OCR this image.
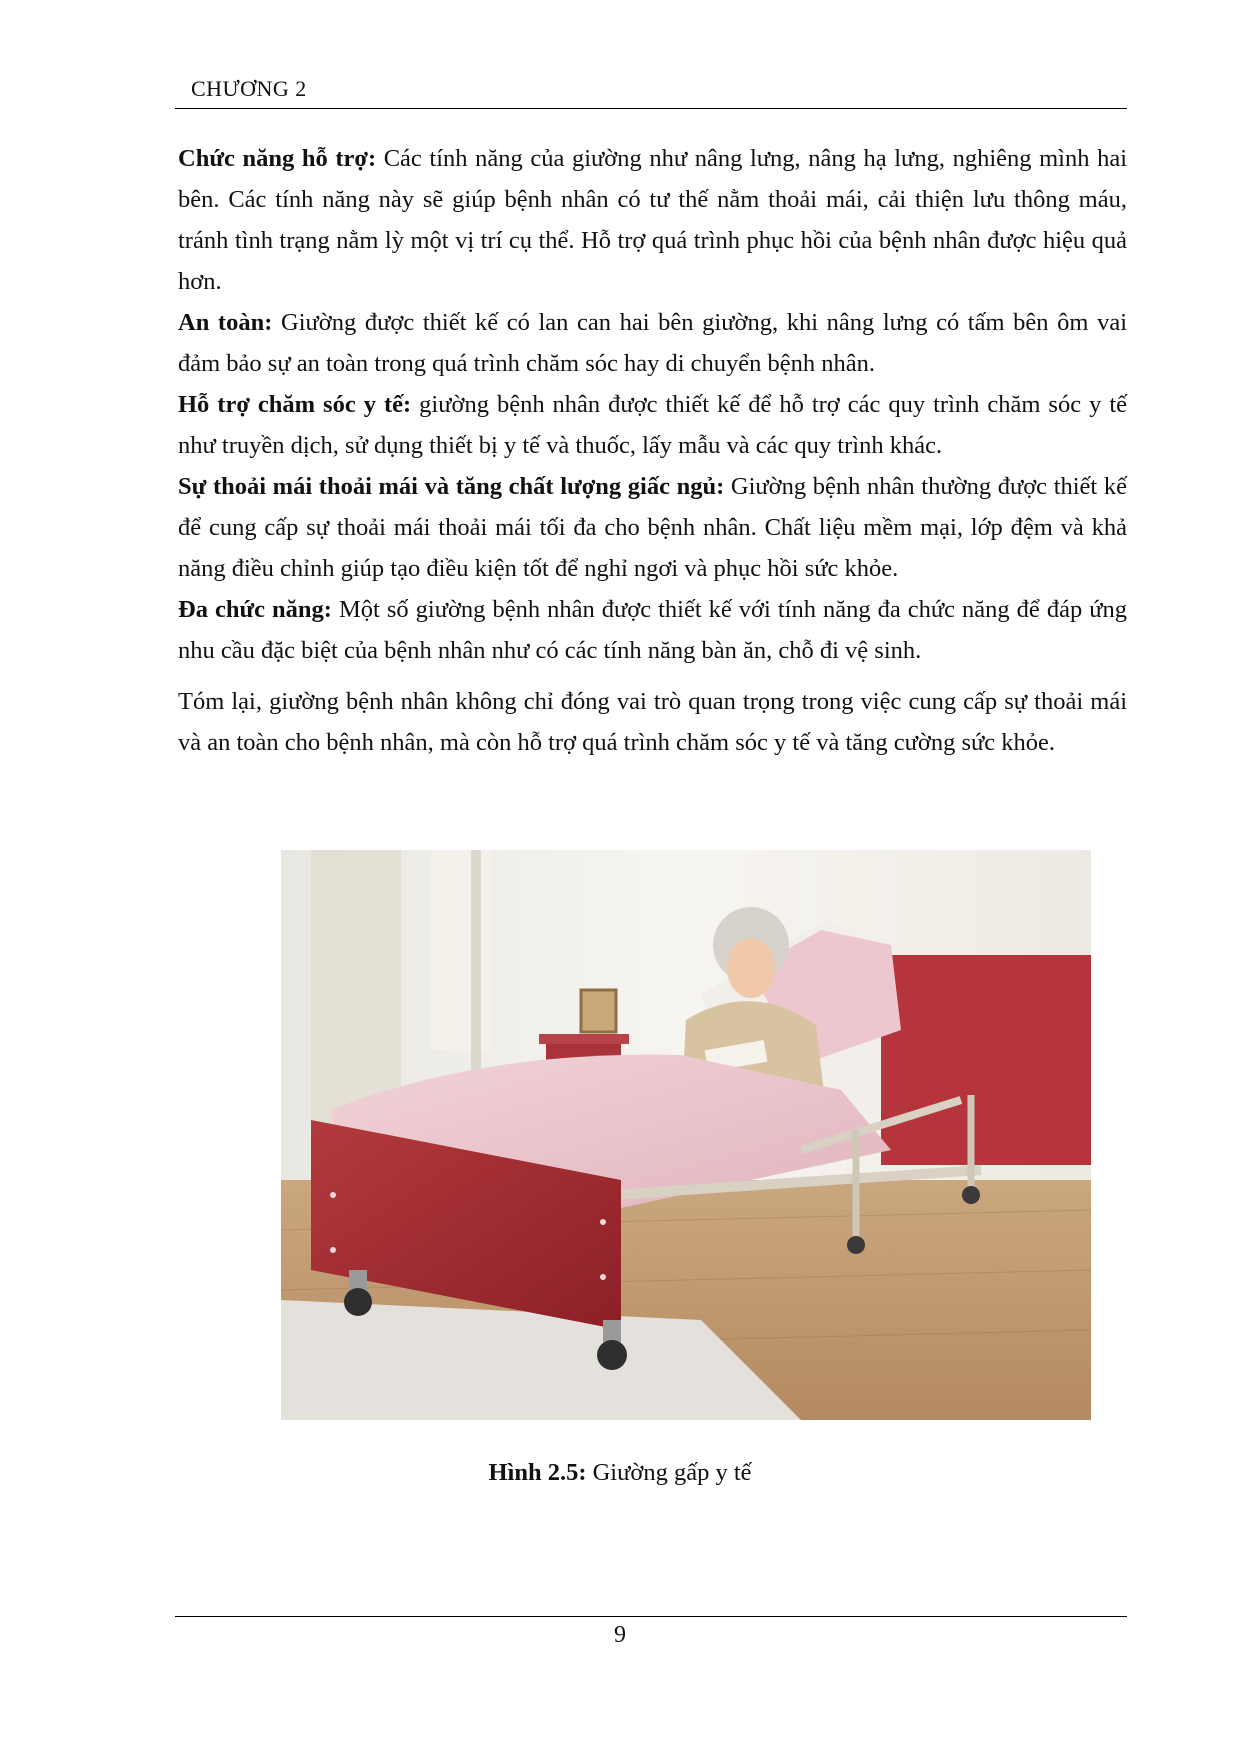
CHƯƠNG 2

Chức năng hỗ trợ: Các tính năng của giường như nâng lưng, nâng hạ lưng, nghiêng mình hai bên. Các tính năng này sẽ giúp bệnh nhân có tư thế nằm thoải mái, cải thiện lưu thông máu, tránh tình trạng nằm lỳ một vị trí cụ thể. Hỗ trợ quá trình phục hồi của bệnh nhân được hiệu quả hơn.

An toàn: Giường được thiết kế có lan can hai bên giường, khi nâng lưng có tấm bên ôm vai đảm bảo sự an toàn trong quá trình chăm sóc hay di chuyển bệnh nhân.

Hỗ trợ chăm sóc y tế: giường bệnh nhân được thiết kế để hỗ trợ các quy trình chăm sóc y tế như truyền dịch, sử dụng thiết bị y tế và thuốc, lấy mẫu và các quy trình khác.

Sự thoải mái thoải mái và tăng chất lượng giấc ngủ: Giường bệnh nhân thường được thiết kế để cung cấp sự thoải mái thoải mái tối đa cho bệnh nhân. Chất liệu mềm mại, lớp đệm và khả năng điều chỉnh giúp tạo điều kiện tốt để nghỉ ngơi và phục hồi sức khỏe.

Đa chức năng: Một số giường bệnh nhân được thiết kế với tính năng đa chức năng để đáp ứng nhu cầu đặc biệt của bệnh nhân như có các tính năng bàn ăn, chỗ đi vệ sinh.

Tóm lại, giường bệnh nhân không chỉ đóng vai trò quan trọng trong việc cung cấp sự thoải mái và an toàn cho bệnh nhân, mà còn hỗ trợ quá trình chăm sóc y tế và tăng cường sức khỏe.

Hình 2.5: Giường gấp y tế
9
